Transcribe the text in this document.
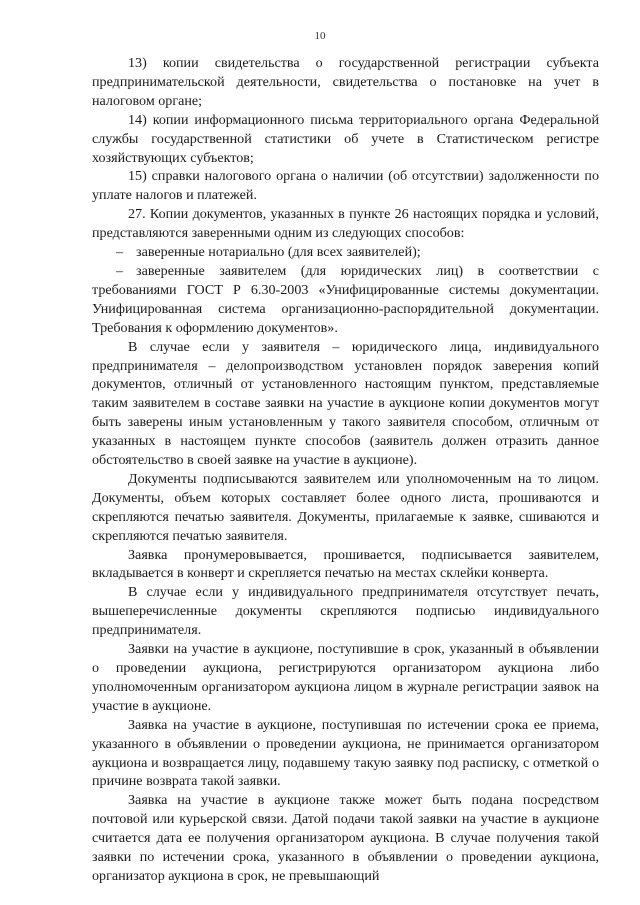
10

13) копии свидетельства о государственной регистрации субъекта предпринимательской деятельности, свидетельства о постановке на учет в налоговом органе;

14) копии информационного письма территориального органа Федеральной службы государственной статистики об учете в Статистическом регистре хозяйствующих субъектов;

15) справки налогового органа о наличии (об отсутствии) задолженности по уплате налогов и платежей.

27. Копии документов, указанных в пункте 26 настоящих порядка и условий, представляются заверенными одним из следующих способов:

– заверенные нотариально (для всех заявителей);

– заверенные заявителем (для юридических лиц) в соответствии с требованиями ГОСТ Р 6.30-2003 «Унифицированные системы документации. Унифицированная система организационно-распорядительной документации. Требования к оформлению документов».

В случае если у заявителя – юридического лица, индивидуального предпринимателя – делопроизводством установлен порядок заверения копий документов, отличный от установленного настоящим пунктом, представляемые таким заявителем в составе заявки на участие в аукционе копии документов могут быть заверены иным установленным у такого заявителя способом, отличным от указанных в настоящем пункте способов (заявитель должен отразить данное обстоятельство в своей заявке на участие в аукционе).

Документы подписываются заявителем или уполномоченным на то лицом. Документы, объем которых составляет более одного листа, прошиваются и скрепляются печатью заявителя. Документы, прилагаемые к заявке, сшиваются и скрепляются печатью заявителя.

Заявка пронумеровывается, прошивается, подписывается заявителем, вкладывается в конверт и скрепляется печатью на местах склейки конверта.

В случае если у индивидуального предпринимателя отсутствует печать, вышеперечисленные документы скрепляются подписью индивидуального предпринимателя.

Заявки на участие в аукционе, поступившие в срок, указанный в объявлении о проведении аукциона, регистрируются организатором аукциона либо уполномоченным организатором аукциона лицом в журнале регистрации заявок на участие в аукционе.

Заявка на участие в аукционе, поступившая по истечении срока ее приема, указанного в объявлении о проведении аукциона, не принимается организатором аукциона и возвращается лицу, подавшему такую заявку под расписку, с отметкой о причине возврата такой заявки.

Заявка на участие в аукционе также может быть подана посредством почтовой или курьерской связи. Датой подачи такой заявки на участие в аукционе считается дата ее получения организатором аукциона. В случае получения такой заявки по истечении срока, указанного в объявлении о проведении аукциона, организатор аукциона в срок, не превышающий
